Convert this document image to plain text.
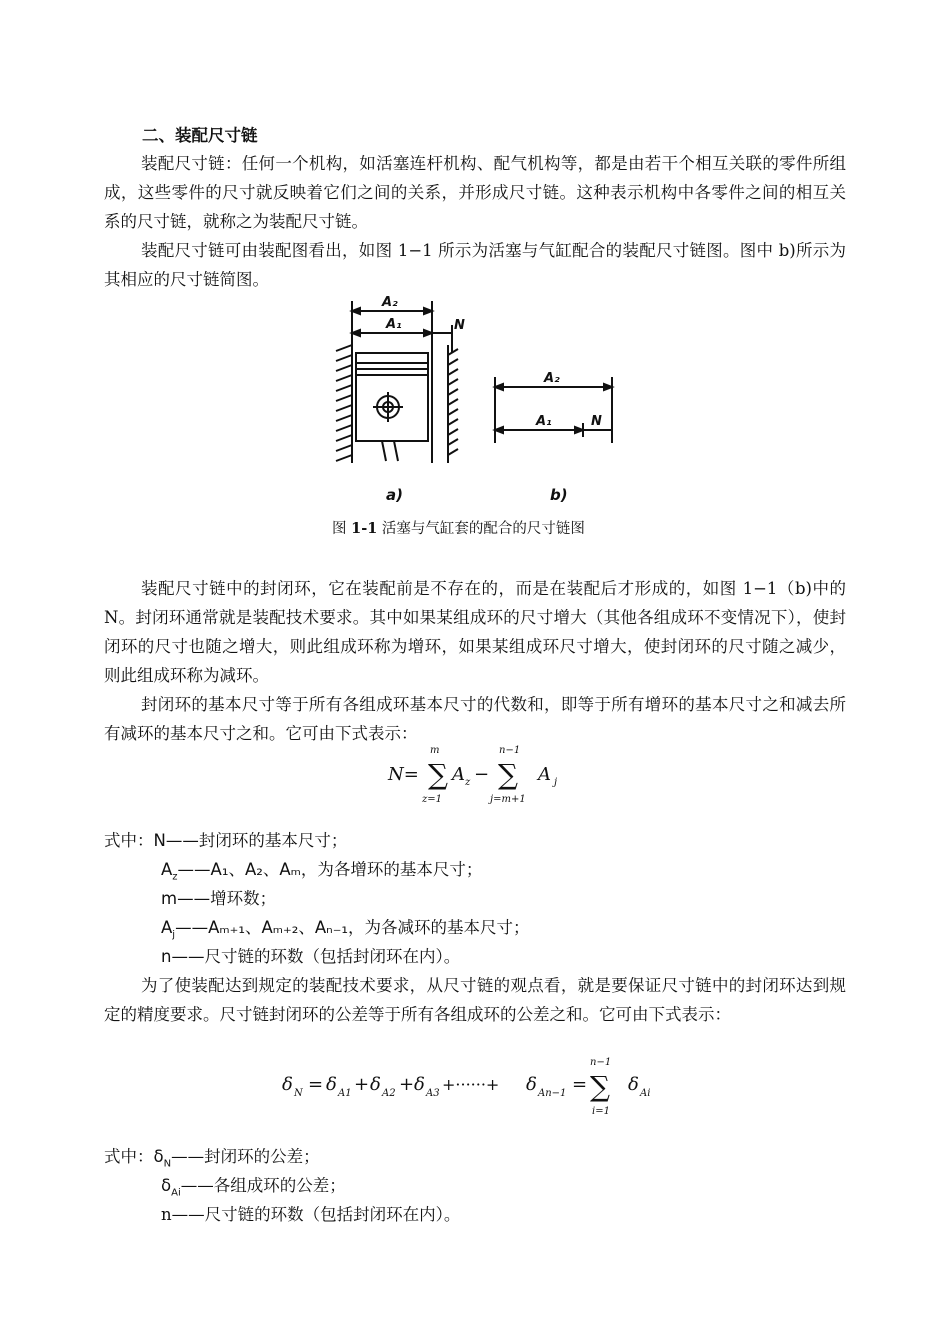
二、装配尺寸链

装配尺寸链：任何一个机构，如活塞连杆机构、配气机构等，都是由若干个相互关联的零件所组成，这些零件的尺寸就反映着它们之间的关系，并形成尺寸链。这种表示机构中各零件之间的相互关系的尺寸链，就称之为装配尺寸链。

装配尺寸链可由装配图看出，如图 1−1 所示为活塞与气缸配合的装配尺寸链图。图中 b)所示为其相应的尺寸链简图。

A₂
A₁	N
A₂
A₁	N
a)	b)
图 1-1 活塞与气缸套的配合的尺寸链图

装配尺寸链中的封闭环，它在装配前是不存在的，而是在装配后才形成的，如图 1−1（b)中的 N。封闭环通常就是装配技术要求。其中如果某组成环的尺寸增大（其他各组成环不变情况下），使封闭环的尺寸也随之增大，则此组成环称为增环，如果某组成环尺寸增大，使封闭环的尺寸随之减少，则此组成环称为减环。

封闭环的基本尺寸等于所有各组成环基本尺寸的代数和，即等于所有增环的基本尺寸之和减去所有减环的基本尺寸之和。它可由下式表示：

N= ∑
m
z=1
A z − ∑
n−1
j=m+1
A j
式中：N——封闭环的基本尺寸；
$A_z——A_1$、A₂、Aₘ，为各增环的基本尺寸；
m——增环数；
$A_j——A_{m+1}$、Aₘ₊₂、Aₙ₋₁，为各减环的基本尺寸；
n——尺寸链的环数（包括封闭环在内）。

为了使装配达到规定的装配技术要求，从尺寸链的观点看，就是要保证尺寸链中的封闭环达到规定的精度要求。尺寸链封闭环的公差等于所有各组成环的公差之和。它可由下式表示：

δ N = δ A1 + δ A2 + δ A3 +······+ δ An−1 = ∑
n−1
i=1
δ Ai
式中：$\delta_N——$封闭环的公差；
$\delta_{Ai}——$各组成环的公差；
n——尺寸链的环数（包括封闭环在内）。
